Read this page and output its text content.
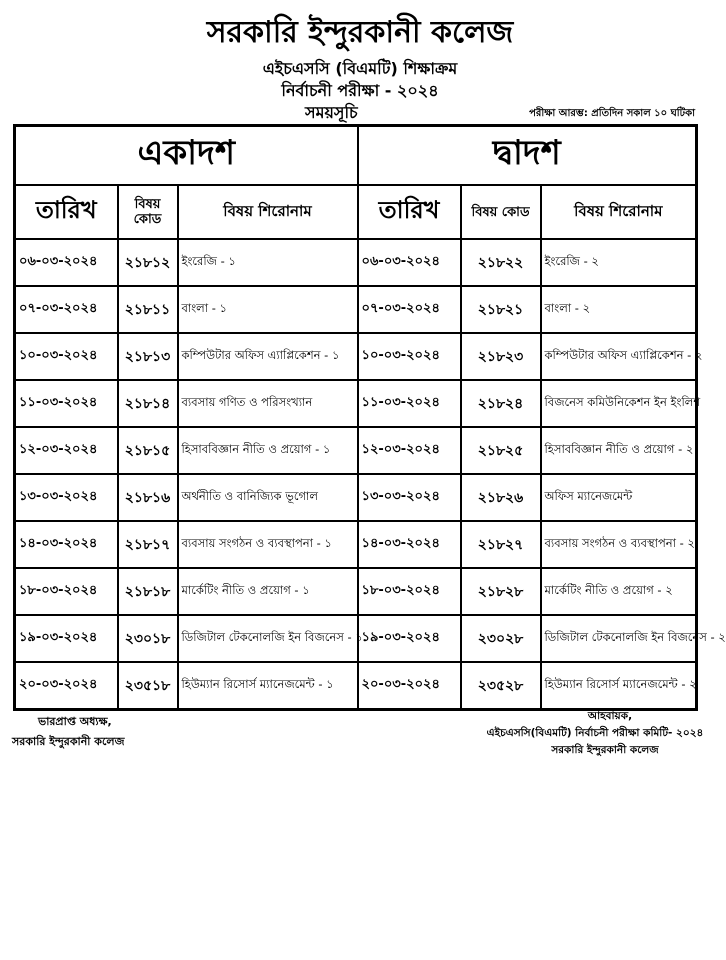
সরকারি ইন্দুরকানী কলেজ
এইচএসসি (বিএমটি) শিক্ষাক্রম
নির্বাচনী পরীক্ষা - ২০২৪
সময়সূচি	পরীক্ষা আরম্ভ: প্রতিদিন সকাল ১০ ঘটিকা
একাদশ			দ্বাদশ		
তারিখ	বিষয় কোড	বিষয় শিরোনাম	তারিখ	বিষয় কোড	বিষয় শিরোনাম
০৬-০৩-২০২৪	২১৮১২	ইংরেজি - ১	০৬-০৩-২০২৪	২১৮২২	ইংরেজি - ২
০৭-০৩-২০২৪	২১৮১১	বাংলা - ১	০৭-০৩-২০২৪	২১৮২১	বাংলা - ২
১০-০৩-২০২৪	২১৮১৩	কম্পিউটার অফিস এ্যাপ্লিকেশন - ১	১০-০৩-২০২৪	২১৮২৩	কম্পিউটার অফিস এ্যাপ্লিকেশন - ২
১১-০৩-২০২৪	২১৮১৪	ব্যবসায় গণিত ও পরিসংখ্যান	১১-০৩-২০২৪	২১৮২৪	বিজনেস কমিউনিকেশন ইন ইংলিশ
১২-০৩-২০২৪	২১৮১৫	হিসাববিজ্ঞান নীতি ও প্রয়োগ - ১	১২-০৩-২০২৪	২১৮২৫	হিসাববিজ্ঞান নীতি ও প্রয়োগ - ২
১৩-০৩-২০২৪	২১৮১৬	অর্থনীতি ও বানিজ্যিক ভূগোল	১৩-০৩-২০২৪	২১৮২৬	অফিস ম্যানেজমেন্ট
১৪-০৩-২০২৪	২১৮১৭	ব্যবসায় সংগঠন ও ব্যবস্থাপনা - ১	১৪-০৩-২০২৪	২১৮২৭	ব্যবসায় সংগঠন ও ব্যবস্থাপনা - ২
১৮-০৩-২০২৪	২১৮১৮	মার্কেটিং নীতি ও প্রয়োগ - ১	১৮-০৩-২০২৪	২১৮২৮	মার্কেটিং নীতি ও প্রয়োগ - ২
১৯-০৩-২০২৪	২৩০১৮	ডিজিটাল টেকনোলজি ইন বিজনেস - ১	১৯-০৩-২০২৪	২৩০২৮	ডিজিটাল টেকনোলজি ইন বিজনেস - ২
২০-০৩-২০২৪	২৩৫১৮	হিউম্যান রিসোর্স ম্যানেজমেন্ট - ১	২০-০৩-২০২৪	২৩৫২৮	হিউম্যান রিসোর্স ম্যানেজমেন্ট - ২
ভারপ্রাপ্ত অধ্যক্ষ,
সরকারি ইন্দুরকানী কলেজ
আহবায়ক,
এইচএসসি(বিএমটি) নির্বাচনী পরীক্ষা কমিটি- ২০২৪
সরকারি ইন্দুরকানী কলেজ
